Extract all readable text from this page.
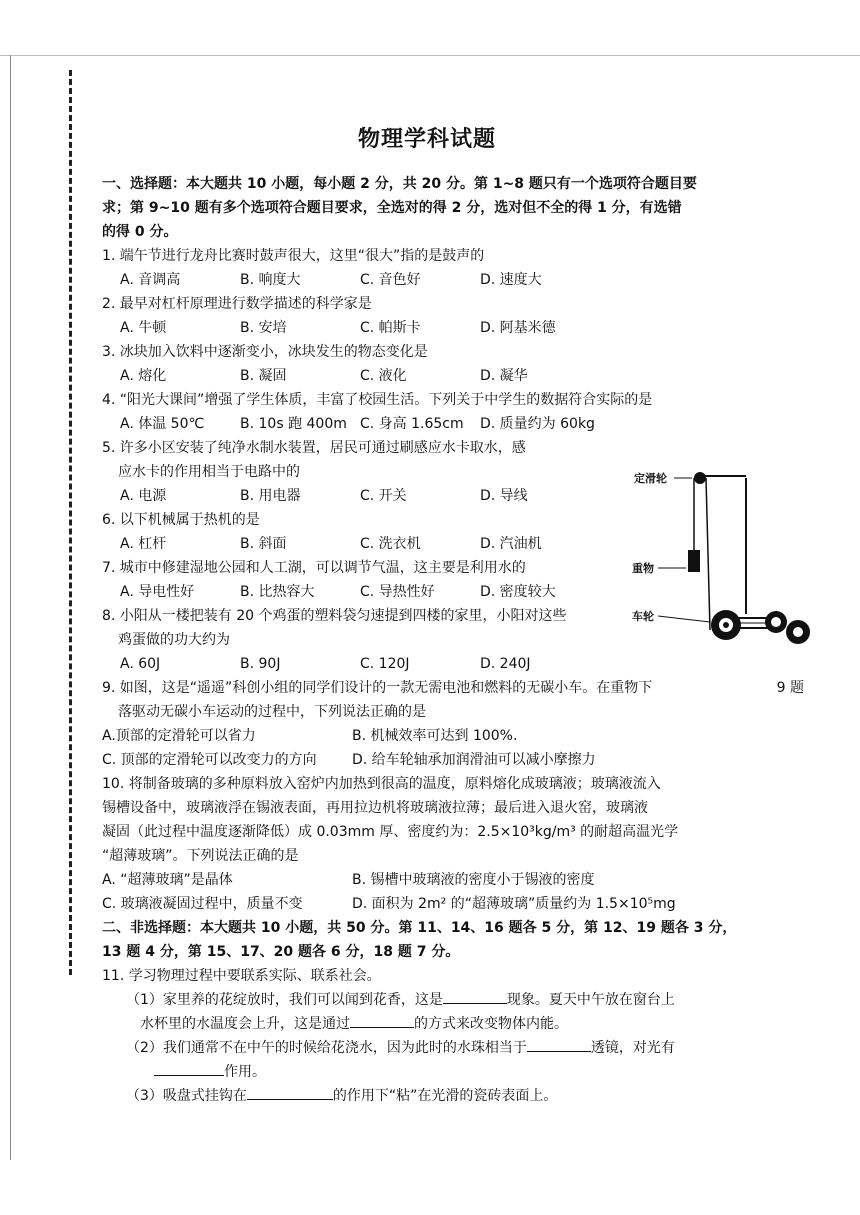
物理学科试题

一、选择题：本大题共 10 小题，每小题 2 分，共 20 分。第 1~8 题只有一个选项符合题目要

求；第 9~10 题有多个选项符合题目要求，全选对的得 2 分，选对但不全的得 1 分，有选错

的得 0 分。

1. 端午节进行龙舟比赛时鼓声很大，这里“很大”指的是鼓声的

A. 音调高	B. 响度大	C. 音色好	D. 速度大

2. 最早对杠杆原理进行数学描述的科学家是

A. 牛顿	B. 安培	C. 帕斯卡	D. 阿基米德

3. 冰块加入饮料中逐渐变小，冰块发生的物态变化是

A. 熔化	B. 凝固	C. 液化	D. 凝华

4. “阳光大课间”增强了学生体质，丰富了校园生活。下列关于中学生的数据符合实际的是

A. 体温 50℃	B. 10s 跑 400m C. 身高 1.65cm	D. 质量约为 60kg

5. 许多小区安装了纯净水制水装置，居民可通过刷感应水卡取水，感

应水卡的作用相当于电路中的

A. 电源	B. 用电器	C. 开关	D. 导线

6. 以下机械属于热机的是

A. 杠杆	B. 斜面	C. 洗衣机	D. 汽油机

7. 城市中修建湿地公园和人工湖，可以调节气温，这主要是利用水的

A. 导电性好	B. 比热容大	C. 导热性好	D. 密度较大

8. 小阳从一楼把装有 20 个鸡蛋的塑料袋匀速提到四楼的家里，小阳对这些

鸡蛋做的功大约为

A. 60J	B. 90J	C. 120J	D. 240J

9. 如图，这是“遥遥”科创小组的同学们设计的一款无需电池和燃料的无碳小车。在重物下

落驱动无碳小车运动的过程中，下列说法正确的是

A.顶部的定滑轮可以省力	B. 机械效率可达到 100%.
C. 顶部的定滑轮可以改变力的方向	D. 给车轮轴承加润滑油可以减小摩擦力

10. 将制备玻璃的多种原料放入窑炉内加热到很高的温度，原料熔化成玻璃液；玻璃液流入

锡槽设备中，玻璃液浮在锡液表面，再用拉边机将玻璃液拉薄；最后进入退火窑，玻璃液

凝固（此过程中温度逐渐降低）成 0.03mm 厚、密度约为：2.5×10³kg/m³ 的耐超高温光学

“超薄玻璃”。下列说法正确的是

A. “超薄玻璃”是晶体	B. 锡槽中玻璃液的密度小于锡液的密度
C. 玻璃液凝固过程中，质量不变	D. 面积为 2m² 的“超薄玻璃”质量约为 1.5×10⁵mg

二、非选择题：本大题共 10 小题，共 50 分。第 11、14、16 题各 5 分，第 12、19 题各 3 分，

13 题 4 分，第 15、17、20 题各 6 分，18 题 7 分。

11. 学习物理过程中要联系实际、联系社会。

（1）家里养的花绽放时，我们可以闻到花香，这是	现象。夏天中午放在窗台上

水杯里的水温度会上升，这是通过	的方式来改变物体内能。

（2）我们通常不在中午的时候给花浇水，因为此时的水珠相当于	透镜，对光有

作用。

（3）吸盘式挂钩在	的作用下“粘”在光滑的瓷砖表面上。

定滑轮
重物
车轮
9 题
